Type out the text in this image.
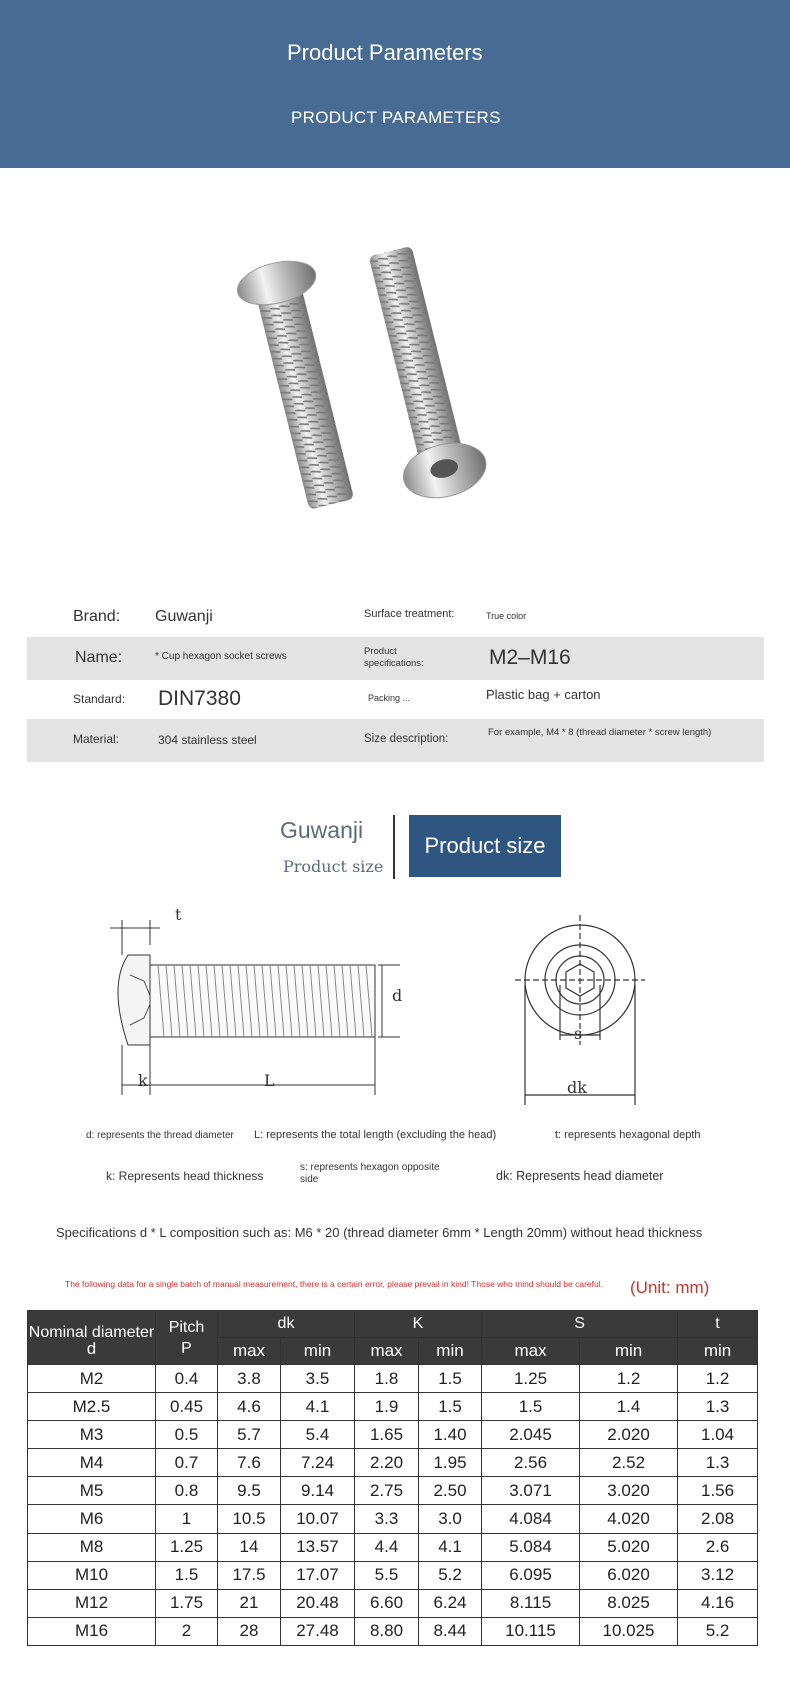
Product Parameters
PRODUCT PARAMETERS
Brand: Guwanji	Surface treatment:	True color
Name:	* Cup hexagon socket screws	Product specifications:	M2–M16
Standard: DIN7380	Packing ...	Plastic bag + carton
Material:	304 stainless steel	Size description:
For example, M4 * 8 (thread diameter * screw length)
Guwanji
Product size
Product size
t
d
k	L
s
dk
d: represents the thread diameter L: represents the total length (excluding the head)	t: represents hexagonal depth
k: Represents head thickness
s: represents hexagon opposite side	dk: Represents head diameter
Specifications d * L composition such as: M6 * 20 (thread diameter 6mm * Length 20mm) without head thickness
The following data for a single batch of manual measurement, there is a certain error, please prevail in kind! Those who mind should be careful.	(Unit: mm)
Nominal diameter
d	Pitch
P	dk		K		S		t
		max	min	max	min	max	min	min
M2	0.4	3.8	3.5	1.8	1.5	1.25	1.2	1.2
M2.5	0.45	4.6	4.1	1.9	1.5	1.5	1.4	1.3
M3	0.5	5.7	5.4	1.65	1.40	2.045	2.020	1.04
M4	0.7	7.6	7.24	2.20	1.95	2.56	2.52	1.3
M5	0.8	9.5	9.14	2.75	2.50	3.071	3.020	1.56
M6	1	10.5	10.07	3.3	3.0	4.084	4.020	2.08
M8	1.25	14	13.57	4.4	4.1	5.084	5.020	2.6
M10	1.5	17.5	17.07	5.5	5.2	6.095	6.020	3.12
M12	1.75	21	20.48	6.60	6.24	8.115	8.025	4.16
M16	2	28	27.48	8.80	8.44	10.115	10.025	5.2
